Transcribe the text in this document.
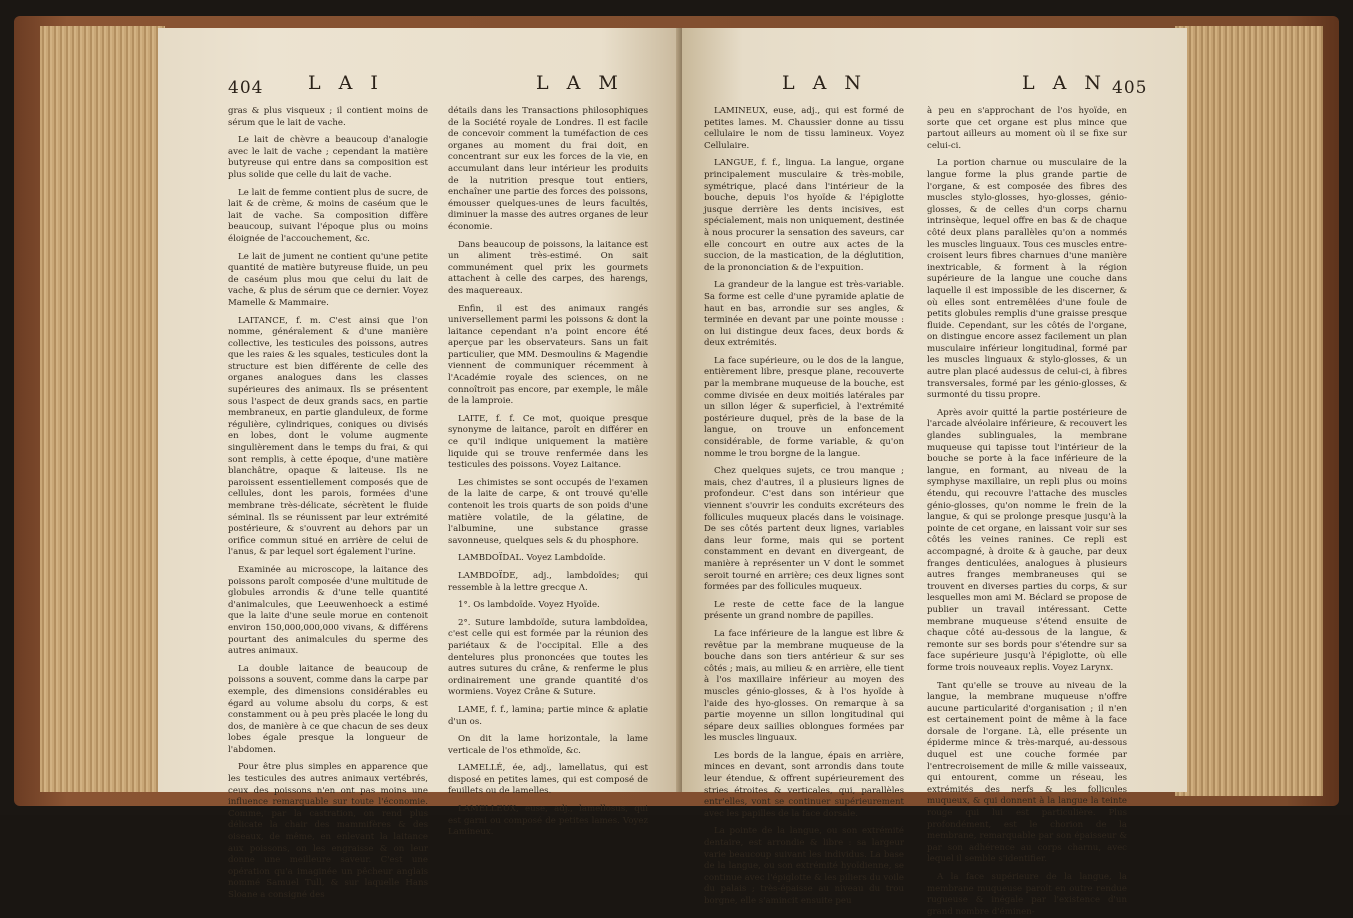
404 L A I	L A M

gras & plus visqueux ; il contient moins de sérum que le lait de vache.

Le lait de chèvre a beaucoup d'analogie avec le lait de vache ; cependant la matière butyreuse qui entre dans sa composition est plus solide que celle du lait de vache.

Le lait de femme contient plus de sucre, de lait & de crème, & moins de caséum que le lait de vache. Sa composition diffère beaucoup, suivant l'époque plus ou moins éloignée de l'accouchement, &c.

Le lait de jument ne contient qu'une petite quantité de matière butyreuse fluide, un peu de caséum plus mou que celui du lait de vache, & plus de sérum que ce dernier. Voyez Mamelle & Mammaire.

LAITANCE, f. m. C'est ainsi que l'on nomme, généralement & d'une manière collective, les testicules des poissons, autres que les raies & les squales, testicules dont la structure est bien différente de celle des organes analogues dans les classes supérieures des animaux. Ils se présentent sous l'aspect de deux grands sacs, en partie membraneux, en partie glanduleux, de forme régulière, cylindriques, coniques ou divisés en lobes, dont le volume augmente singulièrement dans le temps du frai, & qui sont remplis, à cette époque, d'une matière blanchâtre, opaque & laiteuse. Ils ne paroissent essentiellement composés que de cellules, dont les parois, formées d'une membrane très-délicate, sécrètent le fluide séminal. Ils se réunissent par leur extrémité postérieure, & s'ouvrent au dehors par un orifice commun situé en arrière de celui de l'anus, & par lequel sort également l'urine.

Examinée au microscope, la laitance des poissons paroît composée d'une multitude de globules arrondis & d'une telle quantité d'animalcules, que Leeuwenhoeck a estimé que la laite d'une seule morue en contenoit environ 150,000,000,000 vivans, & différens pourtant des animalcules du sperme des autres animaux.

La double laitance de beaucoup de poissons a souvent, comme dans la carpe par exemple, des dimensions considérables eu égard au volume absolu du corps, & est constamment ou à peu près placée le long du dos, de manière à ce que chacun de ses deux lobes égale presque la longueur de l'abdomen.

Pour être plus simples en apparence que les testicules des autres animaux vertébrés, ceux des poissons n'en ont pas moins une influence remarquable sur toute l'économie. Comme, par la castration, on rend plus délicate la chair des mammifères & des oiseaux, de même, en enlevant la laitance aux poissons, on les engraisse & on leur donne une meilleure saveur. C'est une opération qu'a imaginée un pêcheur anglais nommé Samuel Tull, & sur laquelle Hans Sloane a consigné des

détails dans les Transactions philosophiques de la Société royale de Londres. Il est facile de concevoir comment la tuméfaction de ces organes au moment du frai doit, en concentrant sur eux les forces de la vie, en accumulant dans leur intérieur les produits de la nutrition presque tout entiers, enchaîner une partie des forces des poissons, émousser quelques-unes de leurs facultés, diminuer la masse des autres organes de leur économie.

Dans beaucoup de poissons, la laitance est un aliment très-estimé. On sait communément quel prix les gourmets attachent à celle des carpes, des harengs, des maquereaux.

Enfin, il est des animaux rangés universellement parmi les poissons & dont la laitance cependant n'a point encore été aperçue par les observateurs. Sans un fait particulier, que MM. Desmoulins & Magendie viennent de communiquer récemment à l'Académie royale des sciences, on ne connoîtroit pas encore, par exemple, le mâle de la lamproie.

LAITE, f. f. Ce mot, quoique presque synonyme de laitance, paroît en différer en ce qu'il indique uniquement la matière liquide qui se trouve renfermée dans les testicules des poissons. Voyez Laitance.

Les chimistes se sont occupés de l'examen de la laite de carpe, & ont trouvé qu'elle contenoit les trois quarts de son poids d'une matière volatile, de la gélatine, de l'albumine, une substance grasse savonneuse, quelques sels & du phosphore.

LAMBDOÏDAL. Voyez Lambdoïde.

LAMBDOÏDE, adj., lambdoïdes; qui ressemble à la lettre grecque Λ.

1°. Os lambdoïde. Voyez Hyoïde.

2°. Suture lambdoïde, sutura lambdoïdea, c'est celle qui est formée par la réunion des pariétaux & de l'occipital. Elle a des dentelures plus prononcées que toutes les autres sutures du crâne, & renferme le plus ordinairement une grande quantité d'os wormiens. Voyez Crâne & Suture.

LAME, f. f., lamina; partie mince & aplatie d'un os.

On dit la lame horizontale, la lame verticale de l'os ethmoïde, &c.

LAMELLÉ, ée, adj., lamellatus, qui est disposé en petites lames, qui est composé de feuillets ou de lamelles.

LAMELLEUX, euse, adj., lamellosus, qui est garni ou composé de petites lames. Voyez Lamineux.

L A N	L A N 405

LAMINEUX, euse, adj., qui est formé de petites lames. M. Chaussier donne au tissu cellulaire le nom de tissu lamineux. Voyez Cellulaire.

LANGUE, f. f., lingua. La langue, organe principalement musculaire & très-mobile, symétrique, placé dans l'intérieur de la bouche, depuis l'os hyoïde & l'épiglotte jusque derrière les dents incisives, est spécialement, mais non uniquement, destinée à nous procurer la sensation des saveurs, car elle concourt en outre aux actes de la succion, de la mastication, de la déglutition, de la prononciation & de l'expuition.

La grandeur de la langue est très-variable. Sa forme est celle d'une pyramide aplatie de haut en bas, arrondie sur ses angles, & terminée en devant par une pointe mousse : on lui distingue deux faces, deux bords & deux extrémités.

La face supérieure, ou le dos de la langue, entièrement libre, presque plane, recouverte par la membrane muqueuse de la bouche, est comme divisée en deux moitiés latérales par un sillon léger & superficiel, à l'extrémité postérieure duquel, près de la base de la langue, on trouve un enfoncement considérable, de forme variable, & qu'on nomme le trou borgne de la langue.

Chez quelques sujets, ce trou manque ; mais, chez d'autres, il a plusieurs lignes de profondeur. C'est dans son intérieur que viennent s'ouvrir les conduits excréteurs des follicules muqueux placés dans le voisinage. De ses côtés partent deux lignes, variables dans leur forme, mais qui se portent constamment en devant en divergeant, de manière à représenter un V dont le sommet seroit tourné en arrière; ces deux lignes sont formées par des follicules muqueux.

Le reste de cette face de la langue présente un grand nombre de papilles.

La face inférieure de la langue est libre & revêtue par la membrane muqueuse de la bouche dans son tiers antérieur & sur ses côtés ; mais, au milieu & en arrière, elle tient à l'os maxillaire inférieur au moyen des muscles génio-glosses, & à l'os hyoïde à l'aide des hyo-glosses. On remarque à sa partie moyenne un sillon longitudinal qui sépare deux saillies oblongues formées par les muscles linguaux.

Les bords de la langue, épais en arrière, minces en devant, sont arrondis dans toute leur étendue, & offrent supérieurement des stries étroites & verticales, qui, parallèles entr'elles, vont se continuer supérieurement avec les papilles de la face dorsale.

La pointe de la langue, ou son extrémité dentaire, est arrondie & libre : sa largeur varie beaucoup suivant les individus. La base de la langue, ou son extrémité hyoïdienne, se continue avec l'épiglotte & les piliers du voile du palais ; très-épaisse au niveau du trou borgne, elle s'amincit ensuite peu

à peu en s'approchant de l'os hyoïde, en sorte que cet organe est plus mince que partout ailleurs au moment où il se fixe sur celui-ci.

La portion charnue ou musculaire de la langue forme la plus grande partie de l'organe, & est composée des fibres des muscles stylo-glosses, hyo-glosses, génio-glosses, & de celles d'un corps charnu intrinsèque, lequel offre en bas & de chaque côté deux plans parallèles qu'on a nommés les muscles linguaux. Tous ces muscles entre-croisent leurs fibres charnues d'une manière inextricable, & forment à la région supérieure de la langue une couche dans laquelle il est impossible de les discerner, & où elles sont entremêlées d'une foule de petits globules remplis d'une graisse presque fluide. Cependant, sur les côtés de l'organe, on distingue encore assez facilement un plan musculaire inférieur longitudinal, formé par les muscles linguaux & stylo-glosses, & un autre plan placé audessus de celui-ci, à fibres transversales, formé par les génio-glosses, & surmonté du tissu propre.

Après avoir quitté la partie postérieure de l'arcade alvéolaire inférieure, & recouvert les glandes sublinguales, la membrane muqueuse qui tapisse tout l'intérieur de la bouche se porte à la face inférieure de la langue, en formant, au niveau de la symphyse maxillaire, un repli plus ou moins étendu, qui recouvre l'attache des muscles génio-glosses, qu'on nomme le frein de la langue, & qui se prolonge presque jusqu'à la pointe de cet organe, en laissant voir sur ses côtés les veines ranines. Ce repli est accompagné, à droite & à gauche, par deux franges denticulées, analogues à plusieurs autres franges membraneuses qui se trouvent en diverses parties du corps, & sur lesquelles mon ami M. Béclard se propose de publier un travail intéressant. Cette membrane muqueuse s'étend ensuite de chaque côté au-dessous de la langue, & remonte sur ses bords pour s'étendre sur sa face supérieure jusqu'à l'épiglotte, où elle forme trois nouveaux replis. Voyez Larynx.

Tant qu'elle se trouve au niveau de la langue, la membrane muqueuse n'offre aucune particularité d'organisation ; il n'en est certainement point de même à la face dorsale de l'organe. Là, elle présente un épiderme mince & très-marqué, au-dessous duquel est une couche formée par l'entrecroisement de mille & mille vaisseaux, qui entourent, comme un réseau, les extrémités des nerfs & les follicules muqueux, & qui donnent à la langue la teinte rouge qui lui est particulière. Plus profondément, est le chorion de la membrane, remarquable par son épaisseur & par son adhérence au corps charnu, avec lequel il semble s'identifier.

A la face supérieure de la langue, la membrane muqueuse paroît en outre rendue rugueuse & inégale par l'existence d'un grand nombre d'éminen-
